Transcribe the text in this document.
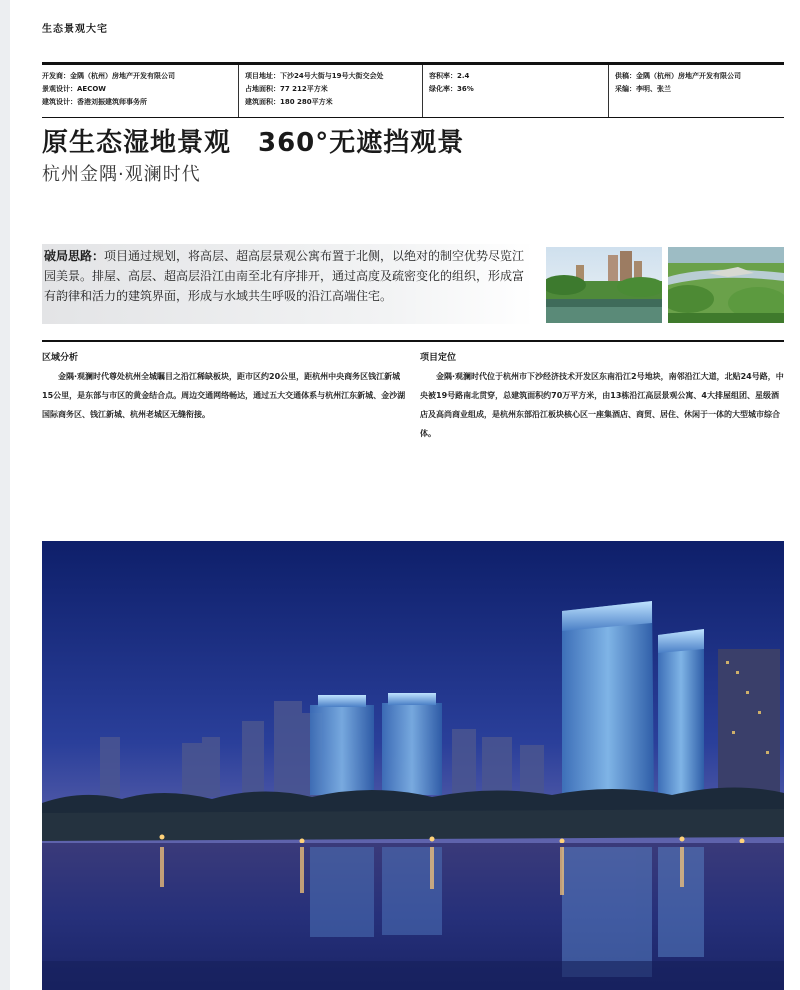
生态景观大宅
开发商：金隅（杭州）房地产开发有限公司
景观设计：AECOW
建筑设计：香港刘振建筑师事务所
项目地址：下沙24号大街与19号大街交会处
占地面积：77 212平方米
建筑面积：180 280平方米
容积率：2.4
绿化率：36%
供稿：金隅（杭州）房地产开发有限公司
采编：李明、张兰
原生态湿地景观　360°无遮挡观景
杭州金隅·观澜时代
破局思路：项目通过规划，将高层、超高层景观公寓布置于北侧，以绝对的制空优势尽览江园美景。排屋、高层、超高层沿江由南至北有序排开，通过高度及疏密变化的组织，形成富有韵律和活力的建筑界面，形成与水域共生呼吸的沿江高端住宅。
区域分析	项目定位
金隅·观澜时代尊处杭州全城瞩目之沿江稀缺板块，距市区约20公里，距杭州中央商务区钱江新城15公里，是东部与市区的黄金结合点。周边交通网络畅达，通过五大交通体系与杭州江东新城、金沙湖国际商务区、钱江新城、杭州老城区无缝衔接。
金隅·观澜时代位于杭州市下沙经济技术开发区东南沿江2号地块，南邻沿江大道，北贴24号路，中央被19号路南北贯穿，总建筑面积约70万平方米，由13栋沿江高层景观公寓、4大排屋组团、星级酒店及高尚商业组成，是杭州东部沿江板块核心区一座集酒店、商贸、居住、休闲于一体的大型城市综合体。
